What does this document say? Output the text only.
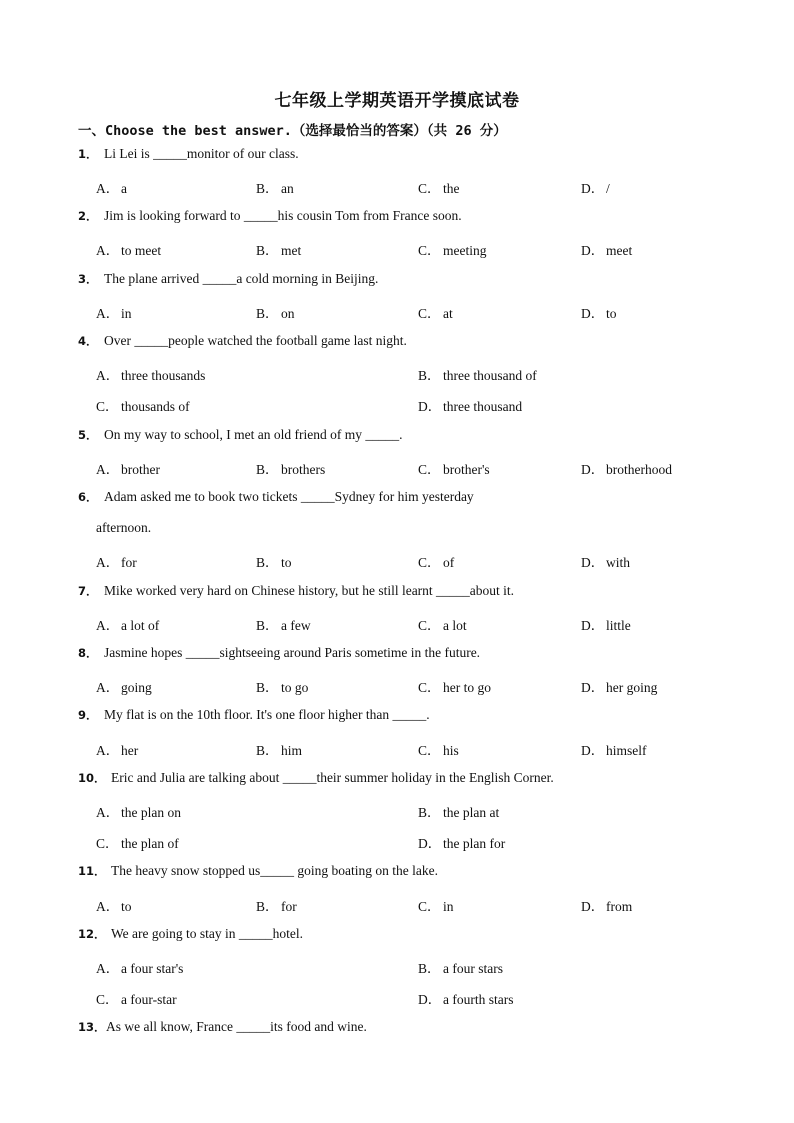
七年级上学期英语开学摸底试卷
一、Choose the best answer.（选择最恰当的答案）（共 26 分）
1． Li Lei is _____monitor of our class.
A． a	B． an	C． the	D． /
2． Jim is looking forward to _____his cousin Tom from France soon.
A． to meet	B． met	C． meeting	D． meet
3． The plane arrived _____a cold morning in Beijing.
A． in	B． on	C． at	D． to
4． Over _____people watched the football game last night.
A． three thousands	B． three thousand of
C． thousands of	D． three thousand
5． On my way to school, I met an old friend of my _____.
A． brother	B． brothers	C． brother's	D． brotherhood
6． Adam asked me to book two tickets _____Sydney for him yesterday
afternoon.
A． for	B． to	C． of	D． with
7． Mike worked very hard on Chinese history, but he still learnt _____about it.
A． a lot of	B． a few	C． a lot	D． little
8． Jasmine hopes _____sightseeing around Paris sometime in the future.
A． going	B． to go	C． her to go	D． her going
9． My flat is on the 10th floor. It's one floor higher than _____.
A． her	B． him	C． his	D． himself
10． Eric and Julia are talking about _____their summer holiday in the English Corner.
A． the plan on	B． the plan at
C． the plan of	D． the plan for
11． The heavy snow stopped us_____ going boating on the lake.
A． to	B． for	C． in	D． from
12． We are going to stay in _____hotel.
A． a four star's	B． a four stars
C． a four-star	D． a fourth stars
13．As we all know, France _____its food and wine.
